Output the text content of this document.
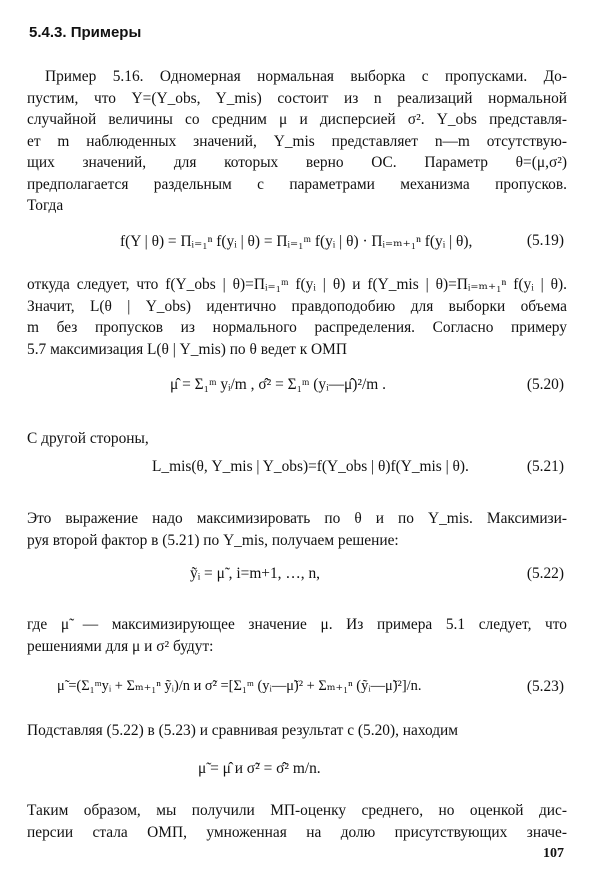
5.4.3. Примеры
Пример 5.16. Одномерная нормальная выборка с пропусками. До-
пустим, что Y=(Y_obs, Y_mis) состоит из n реализаций нормальной
случайной величины со средним μ и дисперсией σ². Y_obs представля-
ет m наблюденных значений, Y_mis представляет n—m отсутствую-
щих значений, для которых верно ОС. Параметр θ=(μ,σ²)
предполагается раздельным с параметрами механизма пропусков.
Тогда
f(Y | θ) = Πᵢ₌₁ⁿ f(yᵢ | θ) = Πᵢ₌₁ᵐ f(yᵢ | θ) · Πᵢ₌ₘ₊₁ⁿ f(yᵢ | θ),	(5.19)
откуда следует, что f(Y_obs | θ)=Πᵢ₌₁ᵐ f(yᵢ | θ) и f(Y_mis | θ)=Πᵢ₌ₘ₊₁ⁿ f(yᵢ | θ).
Значит, L(θ | Y_obs) идентично правдоподобию для выборки объема
m без пропусков из нормального распределения. Согласно примеру
5.7 максимизация L(θ | Y_mis) по θ ведет к ОМП
μ̂ = Σ₁ᵐ yᵢ/m , σ̂² = Σ₁ᵐ (yᵢ—μ̂)²/m .	(5.20)
С другой стороны,
L_mis(θ, Y_mis | Y_obs)=f(Y_obs | θ)f(Y_mis | θ).	(5.21)
Это выражение надо максимизировать по θ и по Y_mis. Максимизи-
руя второй фактор в (5.21) по Y_mis, получаем решение:
ỹᵢ = μ̃ , i=m+1, …, n,	(5.22)
где μ̃ — максимизирующее значение μ. Из примера 5.1 следует, что
решениями для μ и σ² будут:
μ̃ =(Σ₁ᵐyᵢ + Σₘ₊₁ⁿ ỹᵢ)/n и σ̃² =[Σ₁ᵐ (yᵢ—μ̃)² + Σₘ₊₁ⁿ (ỹᵢ—μ̃)²]/n.	(5.23)
Подставляя (5.22) в (5.23) и сравнивая результат с (5.20), находим
μ̃ = μ̂ и σ̃² = σ̂² m/n.
Таким образом, мы получили МП-оценку среднего, но оценкой дис-
персии стала ОМП, умноженная на долю присутствующих значе-
107
